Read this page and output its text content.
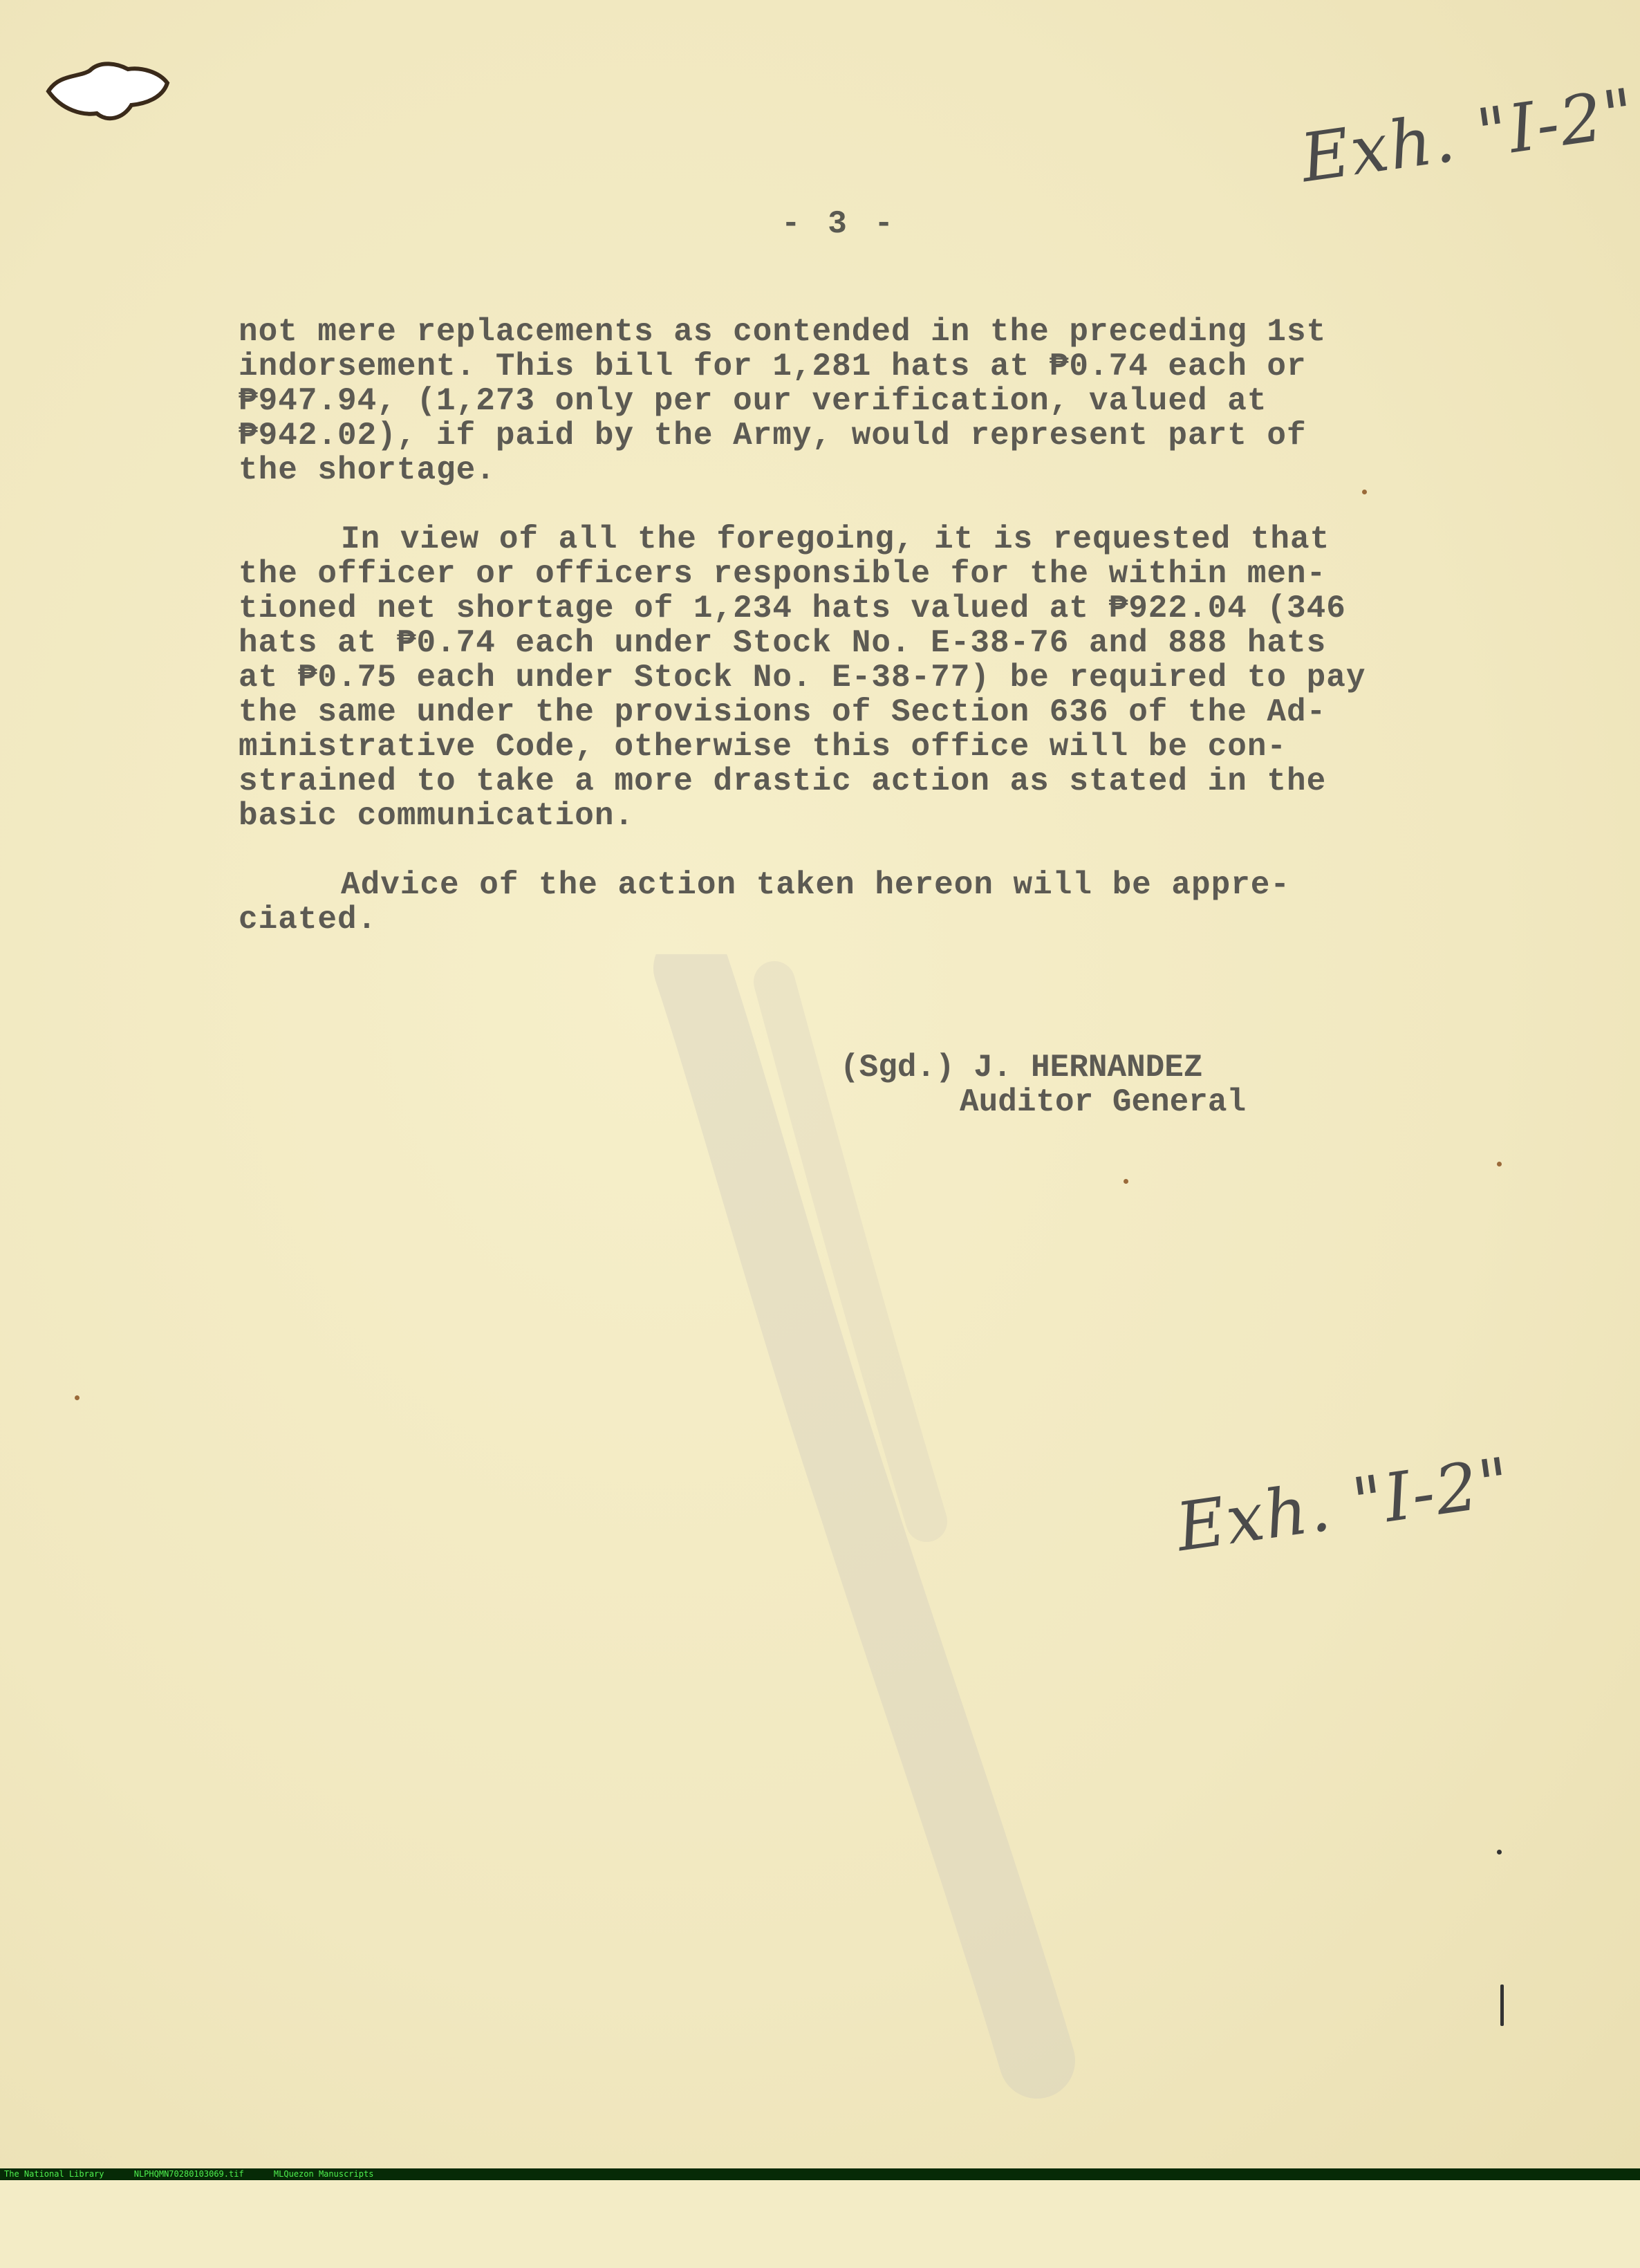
Exh. "I-2"
- 3 -

not mere replacements as contended in the preceding 1st
indorsement. This bill for 1,281 hats at ₱0.74 each or
₱947.94, (1,273 only per our verification, valued at
₱942.02), if paid by the Army, would represent part of
the shortage.

In view of all the foregoing, it is requested that
the officer or officers responsible for the within men-
tioned net shortage of 1,234 hats valued at ₱922.04 (346
hats at ₱0.74 each under Stock No. E-38-76 and 888 hats
at ₱0.75 each under Stock No. E-38-77) be required to pay
the same under the provisions of Section 636 of the Ad-
ministrative Code, otherwise this office will be con-
strained to take a more drastic action as stated in the
basic communication.

Advice of the action taken hereon will be appre-
ciated.

(Sgd.) J. HERNANDEZ
Auditor General
Exh. "I-2"
The National Library	NLPHQMN70280103069.tif	MLQuezon Manuscripts
